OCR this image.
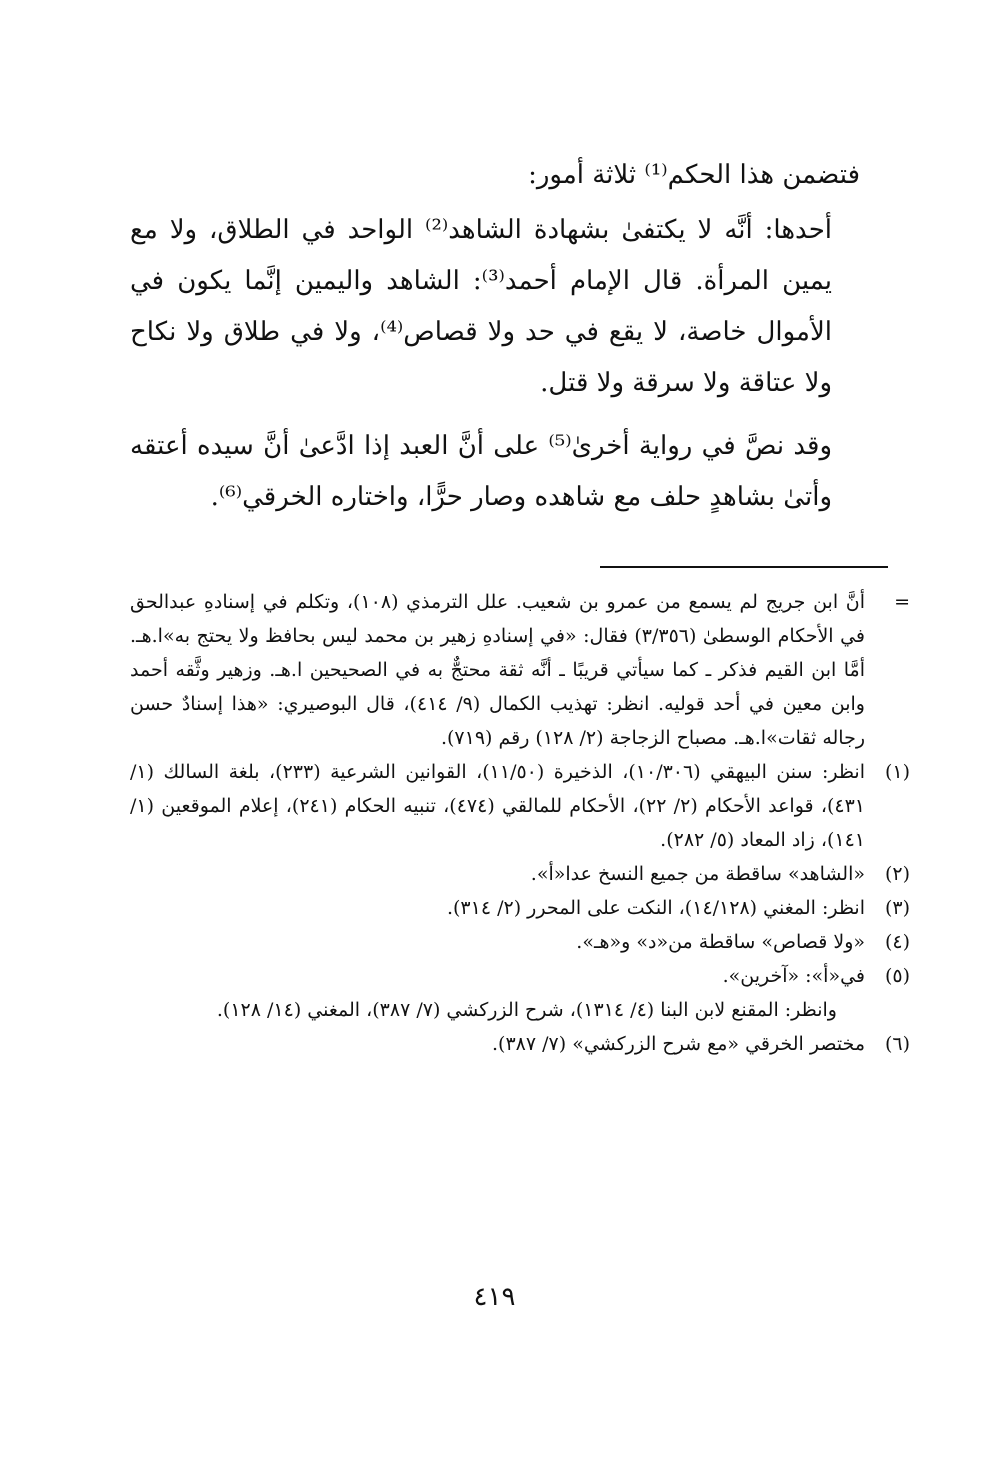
فتضمن هذا الحكم⁽¹⁾ ثلاثة أمور:

أحدها: أنَّه لا يكتفىٰ بشهادة الشاهد⁽²⁾ الواحد في الطلاق، ولا مع يمين المرأة. قال الإمام أحمد⁽³⁾: الشاهد واليمين إنَّما يكون في الأموال خاصة، لا يقع في حد ولا قصاص⁽⁴⁾، ولا في طلاق ولا نكاح ولا عتاقة ولا سرقة ولا قتل.

وقد نصَّ في رواية أخرىٰ⁽⁵⁾ على أنَّ العبد إذا ادَّعىٰ أنَّ سيده أعتقه وأتىٰ بشاهدٍ حلف مع شاهده وصار حرًّا، واختاره الخرقي⁽⁶⁾.

=
أنَّ ابن جريج لم يسمع من عمرو بن شعيب. علل الترمذي (١٠٨)، وتكلم في إسنادهِ عبدالحق في الأحكام الوسطىٰ (٣/٣٥٦) فقال: «في إسنادهِ زهير بن محمد ليس بحافظ ولا يحتج به»ا.هـ. أمَّا ابن القيم فذكر ـ كما سيأتي قريبًا ـ أنَّه ثقة محتجٌّ به في الصحيحين ا.هـ. وزهير وثَّقه أحمد وابن معين في أحد قوليه. انظر: تهذيب الكمال (٩/ ٤١٤)، قال البوصيري: «هذا إسنادٌ حسن رجاله ثقات»ا.هـ. مصباح الزجاجة (٢/ ١٢٨) رقم (٧١٩).
(١)
انظر: سنن البيهقي (١٠/٣٠٦)، الذخيرة (١١/٥٠)، القوانين الشرعية (٢٣٣)، بلغة السالك (١/ ٤٣١)، قواعد الأحكام (٢/ ٢٢)، الأحكام للمالقي (٤٧٤)، تنبيه الحكام (٢٤١)، إعلام الموقعين (١/ ١٤١)، زاد المعاد (٥/ ٢٨٢).
(٢)
«الشاهد» ساقطة من جميع النسخ عدا«أ».
(٣)
انظر: المغني (١٤/١٢٨)، النكت على المحرر (٢/ ٣١٤).
(٤)
«ولا قصاص» ساقطة من«د» و«هـ».
(٥)
في«أ»: «آخرين».
وانظر: المقنع لابن البنا (٤/ ١٣١٤)، شرح الزركشي (٧/ ٣٨٧)، المغني (١٤/ ١٢٨).
(٦)
مختصر الخرقي «مع شرح الزركشي» (٧/ ٣٨٧).
٤١٩
